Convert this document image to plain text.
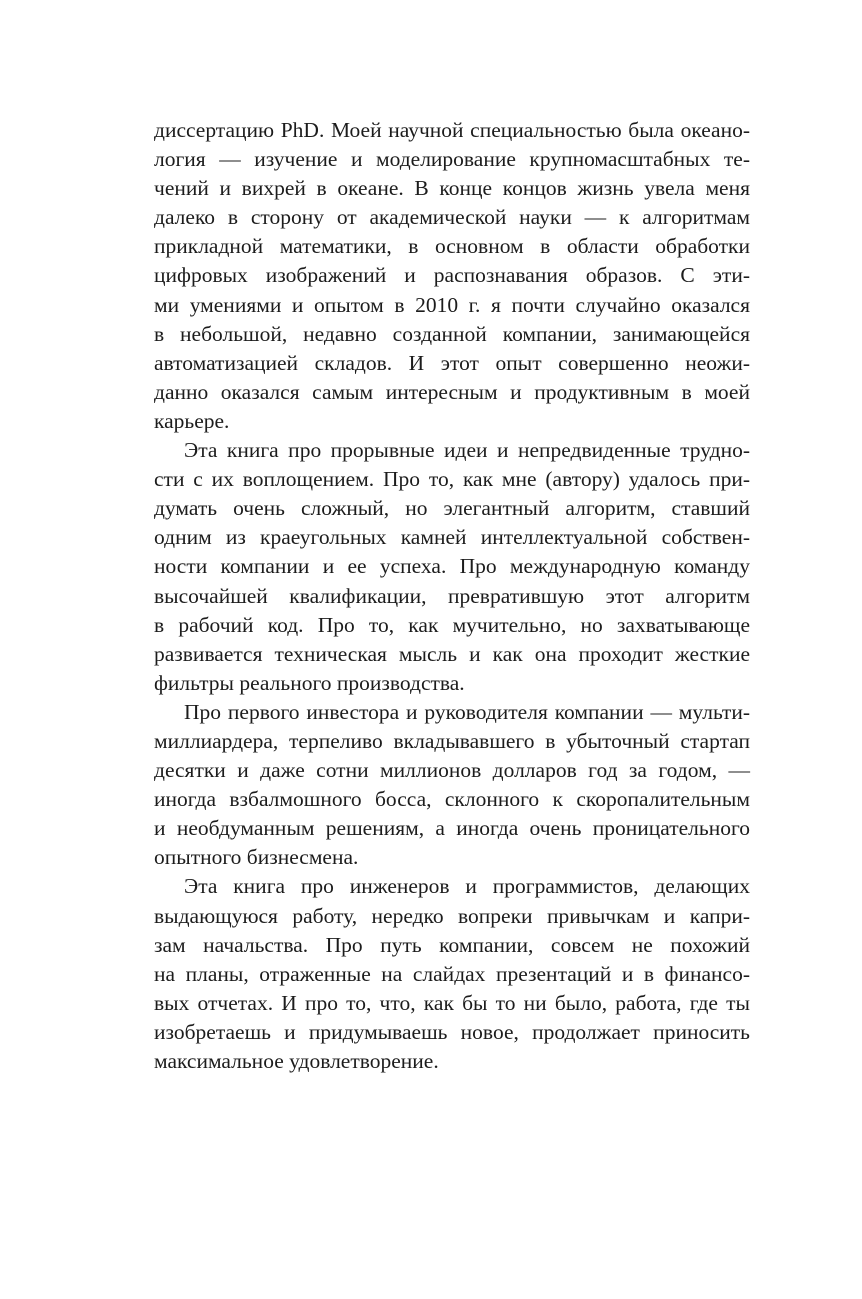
диссертацию PhD. Моей научной специальностью была океано-
логия — изучение и моделирование крупномасштабных те-
чений и вихрей в океане. В конце концов жизнь увела меня
далеко в сторону от академической науки — к алгоритмам
прикладной математики, в основном в области обработки
цифровых изображений и распознавания образов. С эти-
ми умениями и опытом в 2010 г. я почти случайно оказался
в небольшой, недавно созданной компании, занимающейся
автоматизацией складов. И этот опыт совершенно неожи-
данно оказался самым интересным и продуктивным в моей
карьере.
Эта книга про прорывные идеи и непредвиденные трудно-
сти с их воплощением. Про то, как мне (автору) удалось при-
думать очень сложный, но элегантный алгоритм, ставший
одним из краеугольных камней интеллектуальной собствен-
ности компании и ее успеха. Про международную команду
высочайшей квалификации, превратившую этот алгоритм
в рабочий код. Про то, как мучительно, но захватывающе
развивается техническая мысль и как она проходит жесткие
фильтры реального производства.
Про первого инвестора и руководителя компании — мульти-
миллиардера, терпеливо вкладывавшего в убыточный стартап
десятки и даже сотни миллионов долларов год за годом, —
иногда взбалмошного босса, склонного к скоропалительным
и необдуманным решениям, а иногда очень проницательного
опытного бизнесмена.
Эта книга про инженеров и программистов, делающих
выдающуюся работу, нередко вопреки привычкам и капри-
зам начальства. Про путь компании, совсем не похожий
на планы, отраженные на слайдах презентаций и в финансо-
вых отчетах. И про то, что, как бы то ни было, работа, где ты
изобретаешь и придумываешь новое, продолжает приносить
максимальное удовлетворение.
